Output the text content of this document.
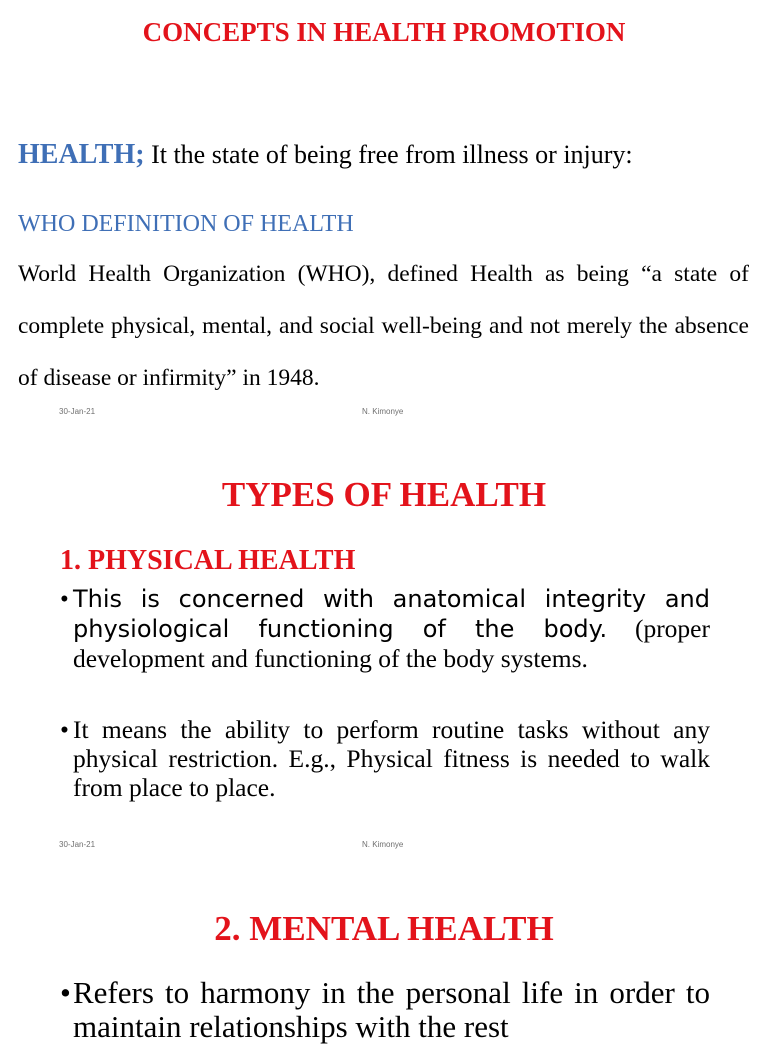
CONCEPTS IN HEALTH PROMOTION
HEALTH; It the state of being free from illness or injury:
WHO DEFINITION OF HEALTH
World Health Organization (WHO), defined Health as being “a state of complete physical, mental, and social well-being and not merely the absence of disease or infirmity” in 1948.
30-Jan-21	N. Kimonye
TYPES OF HEALTH
1. PHYSICAL HEALTH
• This is concerned with anatomical integrity and physiological functioning of the body. (proper development and functioning of the body systems.
• It means the ability to perform routine tasks without any physical restriction. E.g., Physical fitness is needed to walk from place to place.
30-Jan-21	N. Kimonye
2. MENTAL HEALTH
• Refers to harmony in the personal life in order to maintain relationships with the rest
